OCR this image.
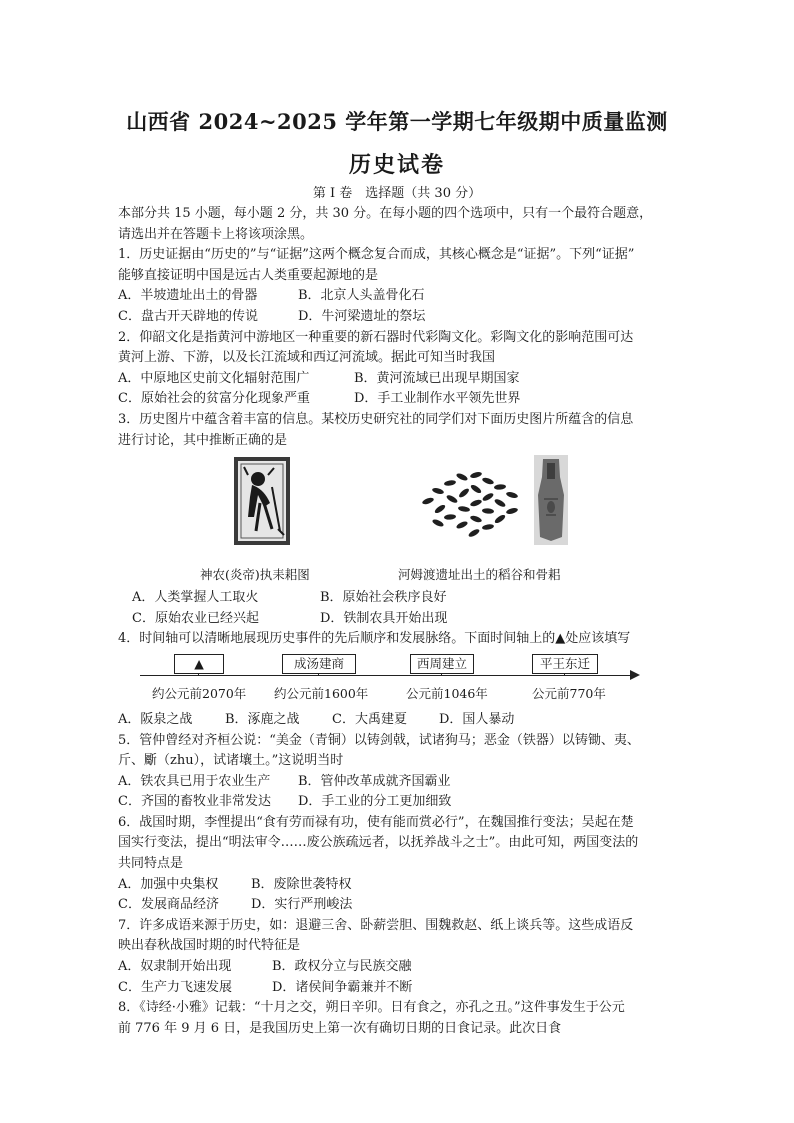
山西省 2024~2025 学年第一学期七年级期中质量监测
历史试卷
第 I 卷　选择题（共 30 分）
本部分共 15 小题，每小题 2 分，共 30 分。在每小题的四个选项中，只有一个最符合题意，
请选出并在答题卡上将该项涂黑。
1．历史证据由“历史的”与“证据”这两个概念复合而成，其核心概念是“证据”。下列“证据”
能够直接证明中国是远古人类重要起源地的是
A．半坡遗址出土的骨器	B．北京人头盖骨化石
C．盘古开天辟地的传说	D．牛河梁遗址的祭坛
2．仰韶文化是指黄河中游地区一种重要的新石器时代彩陶文化。彩陶文化的影响范围可达
黄河上游、下游，以及长江流域和西辽河流域。据此可知当时我国
A．中原地区史前文化辐射范围广	B．黄河流域已出现早期国家
C．原始社会的贫富分化现象严重	D．手工业制作水平领先世界
3．历史图片中蕴含着丰富的信息。某校历史研究社的同学们对下面历史图片所蕴含的信息
进行讨论，其中推断正确的是
神农(炎帝)执耒耜图	河姆渡遗址出土的稻谷和骨耜
A．人类掌握人工取火	B．原始社会秩序良好
C．原始农业已经兴起	D．铁制农具开始出现
4．时间轴可以清晰地展现历史事件的先后顺序和发展脉络。下面时间轴上的▲处应该填写
▲
约公元前2070年
成汤建商
约公元前1600年
西周建立
公元前1046年
平王东迁
公元前770年
A．阪泉之战	B．涿鹿之战	C．大禹建夏	D．国人暴动
5．管仲曾经对齐桓公说：“美金（青铜）以铸剑戟，试诸狗马；恶金（铁器）以铸锄、夷、
斤、斸（zhu），试诸壤土。”这说明当时
A．铁农具已用于农业生产	B．管仲改革成就齐国霸业
C．齐国的畜牧业非常发达	D．手工业的分工更加细致
6．战国时期，李悝提出“食有劳而禄有功，使有能而赏必行”，在魏国推行变法；吴起在楚
国实行变法，提出“明法审令……废公族疏远者，以抚养战斗之士”。由此可知，两国变法的
共同特点是
A．加强中央集权	B．废除世袭特权
C．发展商品经济	D．实行严刑峻法
7．许多成语来源于历史，如：退避三舍、卧薪尝胆、围魏救赵、纸上谈兵等。这些成语反
映出春秋战国时期的时代特征是
A．奴隶制开始出现	B．政权分立与民族交融
C．生产力飞速发展	D．诸侯间争霸兼并不断
8．《诗经·小雅》记载：“十月之交，朔日辛卯。日有食之，亦孔之丑。”这件事发生于公元
前 776 年 9 月 6 日，是我国历史上第一次有确切日期的日食记录。此次日食
